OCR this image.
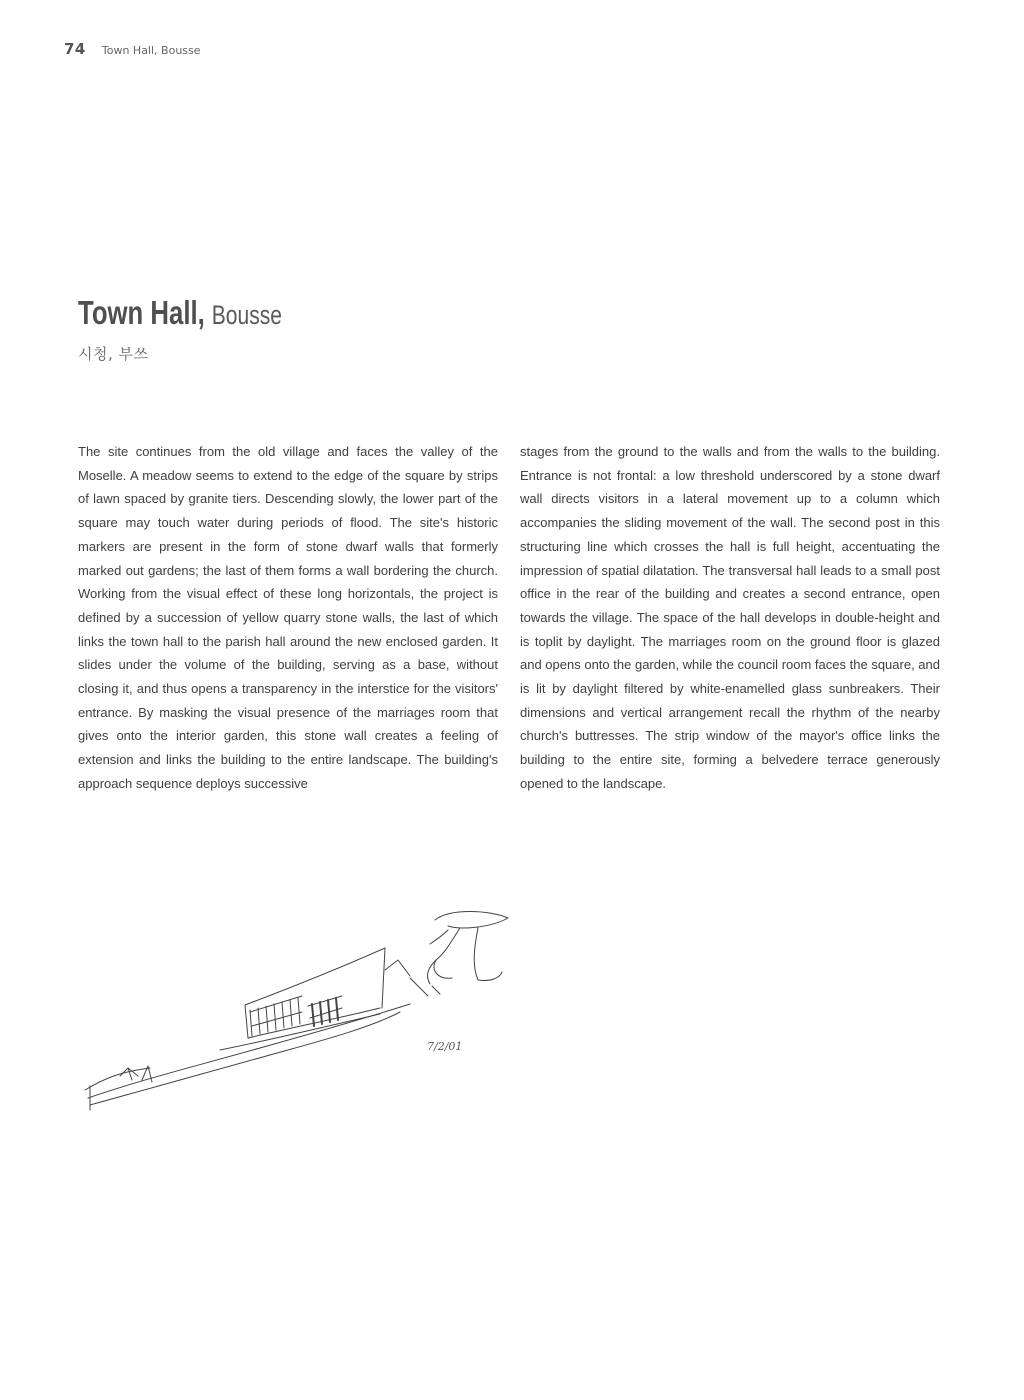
74 Town Hall, Bousse
Town Hall, Bousse
시청, 부쓰

The site continues from the old village and faces the valley of the Moselle. A meadow seems to extend to the edge of the square by strips of lawn spaced by granite tiers. Descending slowly, the lower part of the square may touch water during periods of flood. The site's historic markers are present in the form of stone dwarf walls that formerly marked out gardens; the last of them forms a wall bordering the church. Working from the visual effect of these long horizontals, the project is defined by a succession of yellow quarry stone walls, the last of which links the town hall to the parish hall around the new enclosed garden. It slides under the volume of the building, serving as a base, without closing it, and thus opens a transparency in the interstice for the visitors' entrance. By masking the visual presence of the marriages room that gives onto the interior garden, this stone wall creates a feeling of extension and links the building to the entire landscape. The building's approach sequence deploys successive

stages from the ground to the walls and from the walls to the building. Entrance is not frontal: a low threshold underscored by a stone dwarf wall directs visitors in a lateral movement up to a column which accompanies the sliding movement of the wall. The second post in this structuring line which crosses the hall is full height, accentuating the impression of spatial dilatation. The transversal hall leads to a small post office in the rear of the building and creates a second entrance, open towards the village. The space of the hall develops in double-height and is toplit by daylight. The marriages room on the ground floor is glazed and opens onto the garden, while the council room faces the square, and is lit by daylight filtered by white-enamelled glass sunbreakers. Their dimensions and vertical arrangement recall the rhythm of the nearby church's buttresses. The strip window of the mayor's office links the building to the entire site, forming a belvedere terrace generously opened to the landscape.

7/2/01
